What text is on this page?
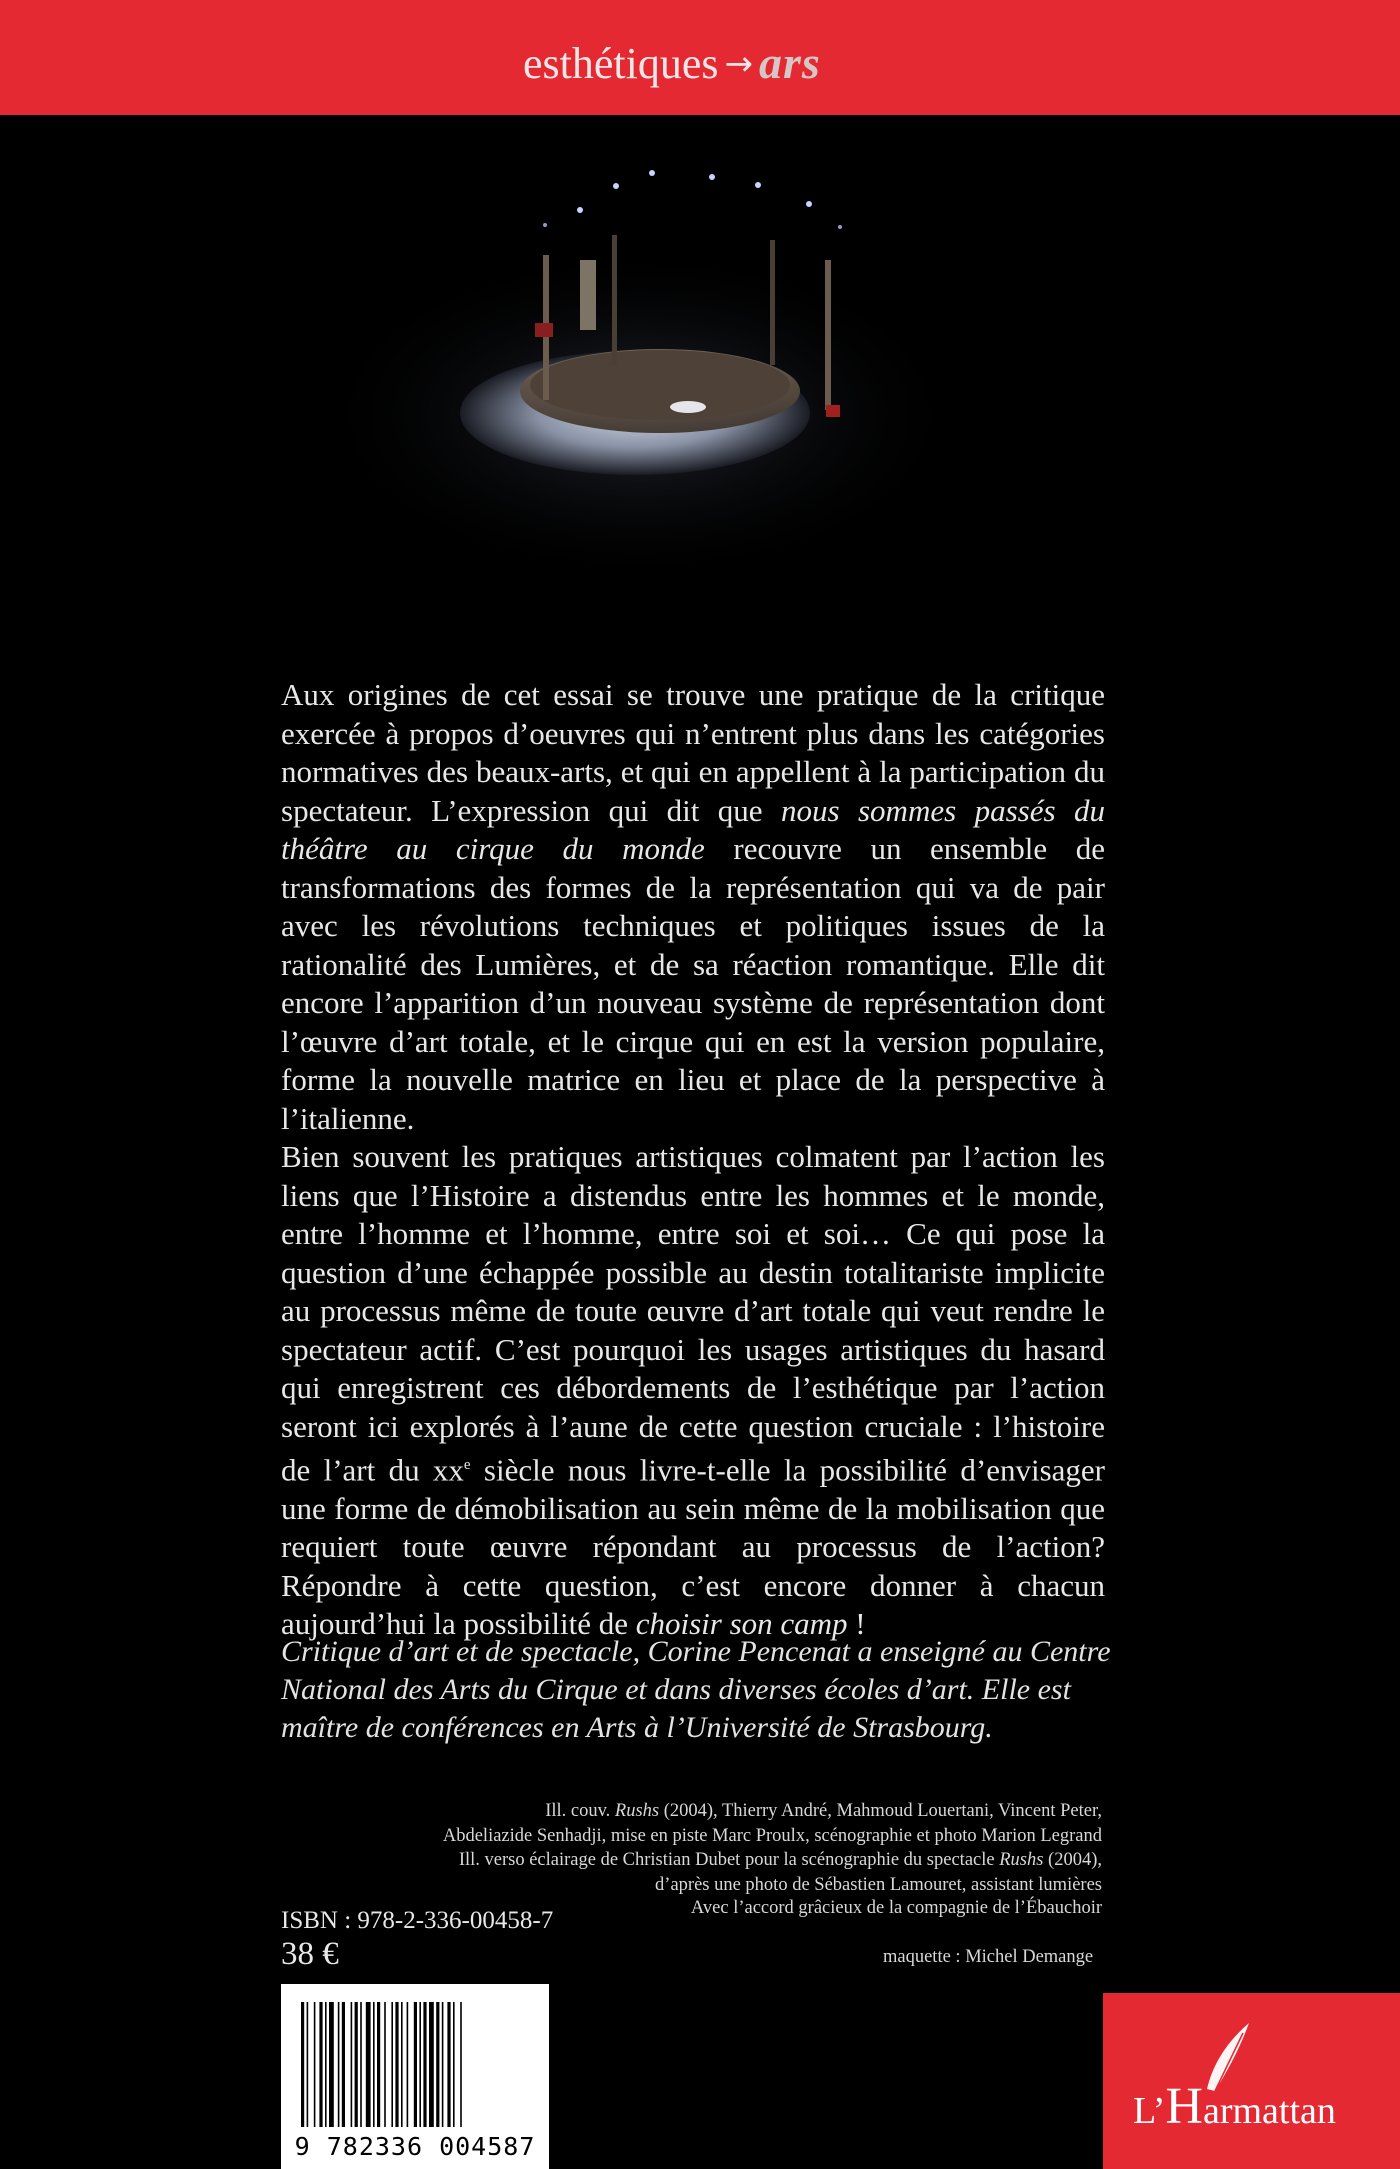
esthétiques → ars

Aux origines de cet essai se trouve une pratique de la critique exercée à propos d’oeuvres qui n’entrent plus dans les catégories normatives des beaux-arts, et qui en appellent à la participation du spectateur. L’expression qui dit que nous sommes passés du théâtre au cirque du monde recouvre un ensemble de transformations des formes de la représentation qui va de pair avec les révolutions techniques et politiques issues de la rationalité des Lumières, et de sa réaction romantique. Elle dit encore l’apparition d’un nouveau système de représentation dont l’œuvre d’art totale, et le cirque qui en est la version populaire, forme la nouvelle matrice en lieu et place de la perspective à l’italienne.

Bien souvent les pratiques artistiques colmatent par l’action les liens que l’Histoire a distendus entre les hommes et le monde, entre l’homme et l’homme, entre soi et soi… Ce qui pose la question d’une échappée possible au destin totalitariste implicite au processus même de toute œuvre d’art totale qui veut rendre le spectateur actif. C’est pourquoi les usages artistiques du hasard qui enregistrent ces débordements de l’esthétique par l’action seront ici explorés à l’aune de cette question cruciale : l’histoire de l’art du $xx^e$ siècle nous livre-t-elle la possibilité d’envisager une forme de démobilisation au sein même de la mobilisation que requiert toute œuvre répondant au processus de l’action? Répondre à cette question, c’est encore donner à chacun aujourd’hui la possibilité de choisir son camp !

Critique d’art et de spectacle, Corine Pencenat a enseigné au Centre National des Arts du Cirque et dans diverses écoles d’art. Elle est maître de conférences en Arts à l’Université de Strasbourg.
Ill. couv. Rushs (2004), Thierry André, Mahmoud Louertani, Vincent Peter,
Abdeliazide Senhadji, mise en piste Marc Proulx, scénographie et photo Marion Legrand
Ill. verso éclairage de Christian Dubet pour la scénographie du spectacle Rushs (2004),
d’après une photo de Sébastien Lamouret, assistant lumières
Avec l’accord grâcieux de la compagnie de l’Ébauchoir
maquette : Michel Demange
ISBN : 978-2-336-00458-7
38 €
9 782336 004587
L’Harmattan
